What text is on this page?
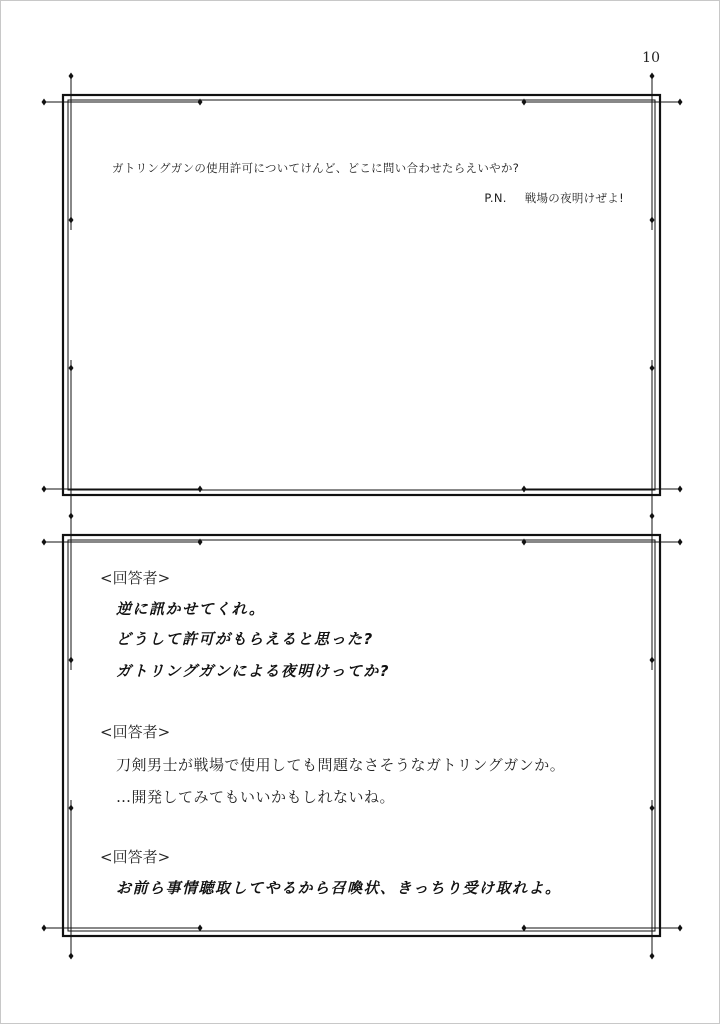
10
ガトリングガンの使用許可についてけんど、どこに問い合わせたらえいやか?
P.N. 戦場の夜明けぜよ!
<回答者>
逆に訊かせてくれ。
どうして許可がもらえると思った?
ガトリングガンによる夜明けってか?
<回答者>
刀剣男士が戦場で使用しても問題なさそうなガトリングガンか。
…開発してみてもいいかもしれないね。
<回答者>
お前ら事情聴取してやるから召喚状、きっちり受け取れよ。
